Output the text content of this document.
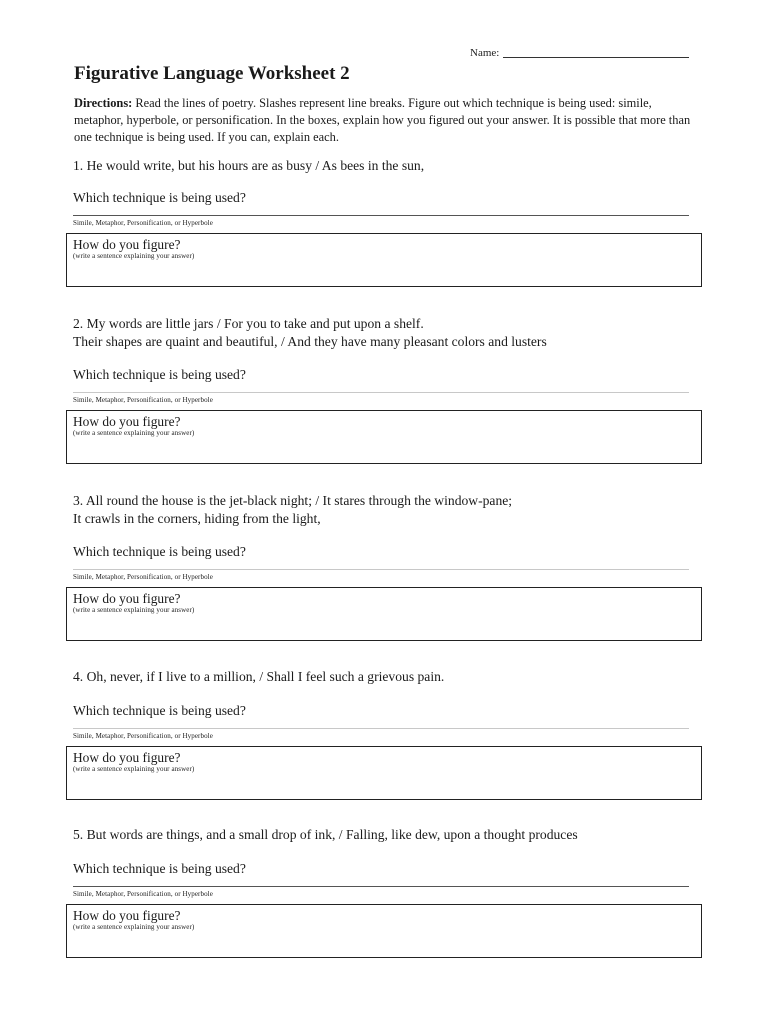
Name:
Figurative Language Worksheet 2

Directions: Read the lines of poetry. Slashes represent line breaks. Figure out which technique is being used: simile, metaphor, hyperbole, or personification. In the boxes, explain how you figured out your answer. It is possible that more than one technique is being used. If you can, explain each.

1. He would write, but his hours are as busy / As bees in the sun,

Which technique is being used?

Simile, Metaphor, Personification, or Hyperbole

How do you figure?
(write a sentence explaining your answer)

2. My words are little jars / For you to take and put upon a shelf.

Their shapes are quaint and beautiful, / And they have many pleasant colors and lusters

Which technique is being used?

Simile, Metaphor, Personification, or Hyperbole

How do you figure?
(write a sentence explaining your answer)

3. All round the house is the jet-black night; / It stares through the window-pane;

It crawls in the corners, hiding from the light,

Which technique is being used?

Simile, Metaphor, Personification, or Hyperbole

How do you figure?
(write a sentence explaining your answer)

4. Oh, never, if I live to a million, / Shall I feel such a grievous pain.

Which technique is being used?

Simile, Metaphor, Personification, or Hyperbole

How do you figure?
(write a sentence explaining your answer)

5. But words are things, and a small drop of ink, / Falling, like dew, upon a thought produces

Which technique is being used?

Simile, Metaphor, Personification, or Hyperbole

How do you figure?
(write a sentence explaining your answer)
